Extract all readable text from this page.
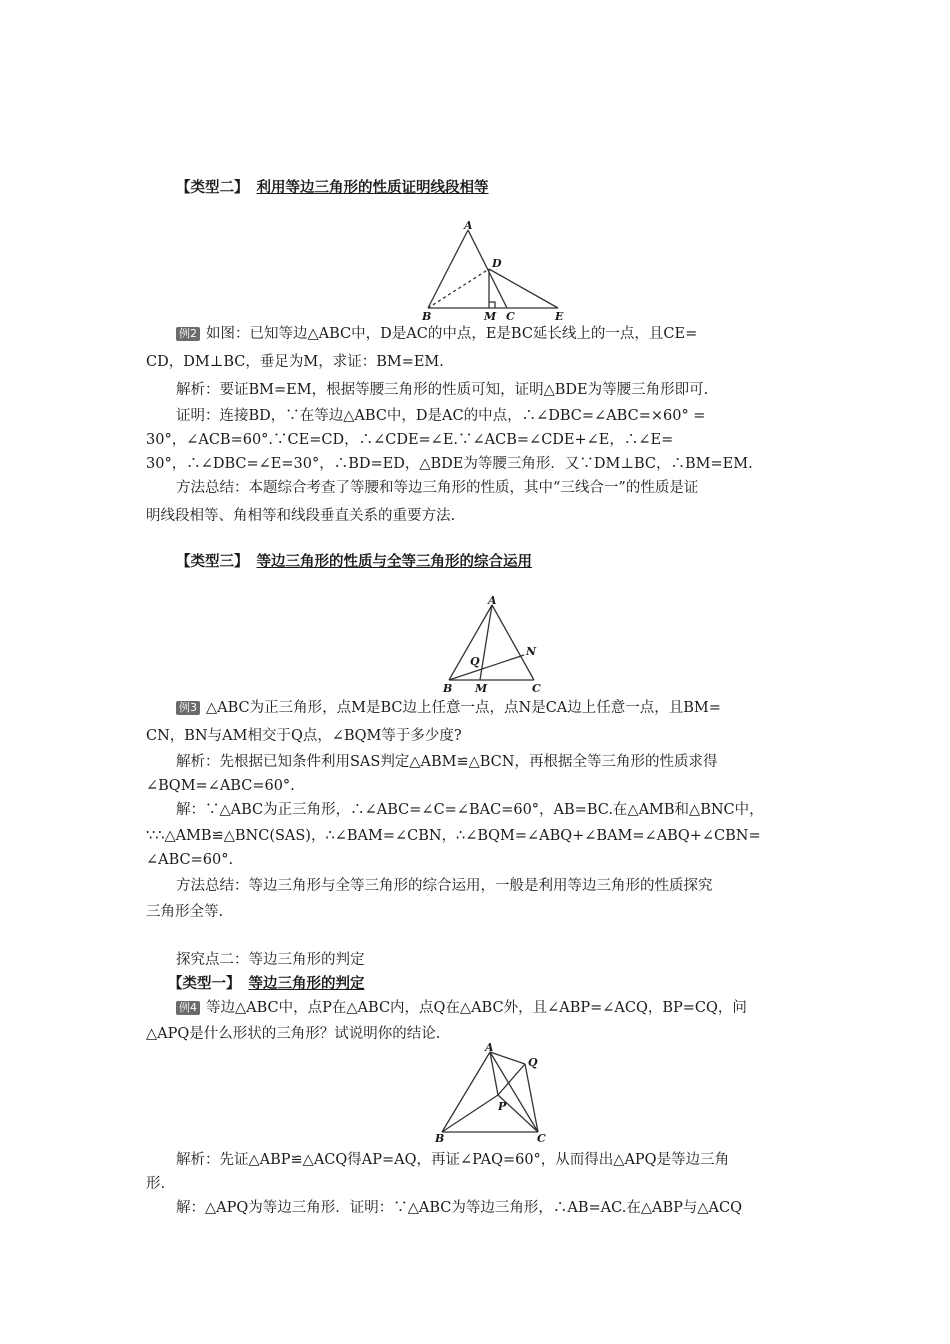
【类型二】 利用等边三角形的性质证明线段相等
A
D
B	M C	E
例2 如图：已知等边△ABC中，D是AC的中点，E是BC延长线上的一点，且CE=
CD，DM⊥BC，垂足为M，求证：BM=EM.
解析：要证BM=EM，根据等腰三角形的性质可知，证明△BDE为等腰三角形即可.
证明：连接BD，∵在等边△ABC中，D是AC的中点，∴∠DBC=∠ABC=×60° =
30°，∠ACB=60°.∵CE=CD，∴∠CDE=∠E.∵∠ACB=∠CDE+∠E，∴∠E=
30°，∴∠DBC=∠E=30°，∴BD=ED，△BDE为等腰三角形．又∵DM⊥BC，∴BM=EM.
方法总结：本题综合考查了等腰和等边三角形的性质，其中“三线合一”的性质是证
明线段相等、角相等和线段垂直关系的重要方法.
【类型三】 等边三角形的性质与全等三角形的综合运用
A
Q
N
B M	C
例3 △ABC为正三角形，点M是BC边上任意一点，点N是CA边上任意一点，且BM=
CN，BN与AM相交于Q点，∠BQM等于多少度?
解析：先根据已知条件利用SAS判定△ABM≌△BCN，再根据全等三角形的性质求得
∠BQM=∠ABC=60°.
解：∵△ABC为正三角形，∴∠ABC=∠C=∠BAC=60°，AB=BC.在△AMB和△BNC中，
∵∴△AMB≌△BNC(SAS)，∴∠BAM=∠CBN，∴∠BQM=∠ABQ+∠BAM=∠ABQ+∠CBN=
∠ABC=60°.
方法总结：等边三角形与全等三角形的综合运用，一般是利用等边三角形的性质探究
三角形全等.
探究点二：等边三角形的判定
【类型一】 等边三角形的判定
例4 等边△ABC中，点P在△ABC内，点Q在△ABC外，且∠ABP=∠ACQ，BP=CQ，问
△APQ是什么形状的三角形？试说明你的结论.
A
Q
P
B	C
解析：先证△ABP≌△ACQ得AP=AQ，再证∠PAQ=60°，从而得出△APQ是等边三角
形.
解：△APQ为等边三角形．证明：∵△ABC为等边三角形，∴AB=AC.在△ABP与△ACQ
